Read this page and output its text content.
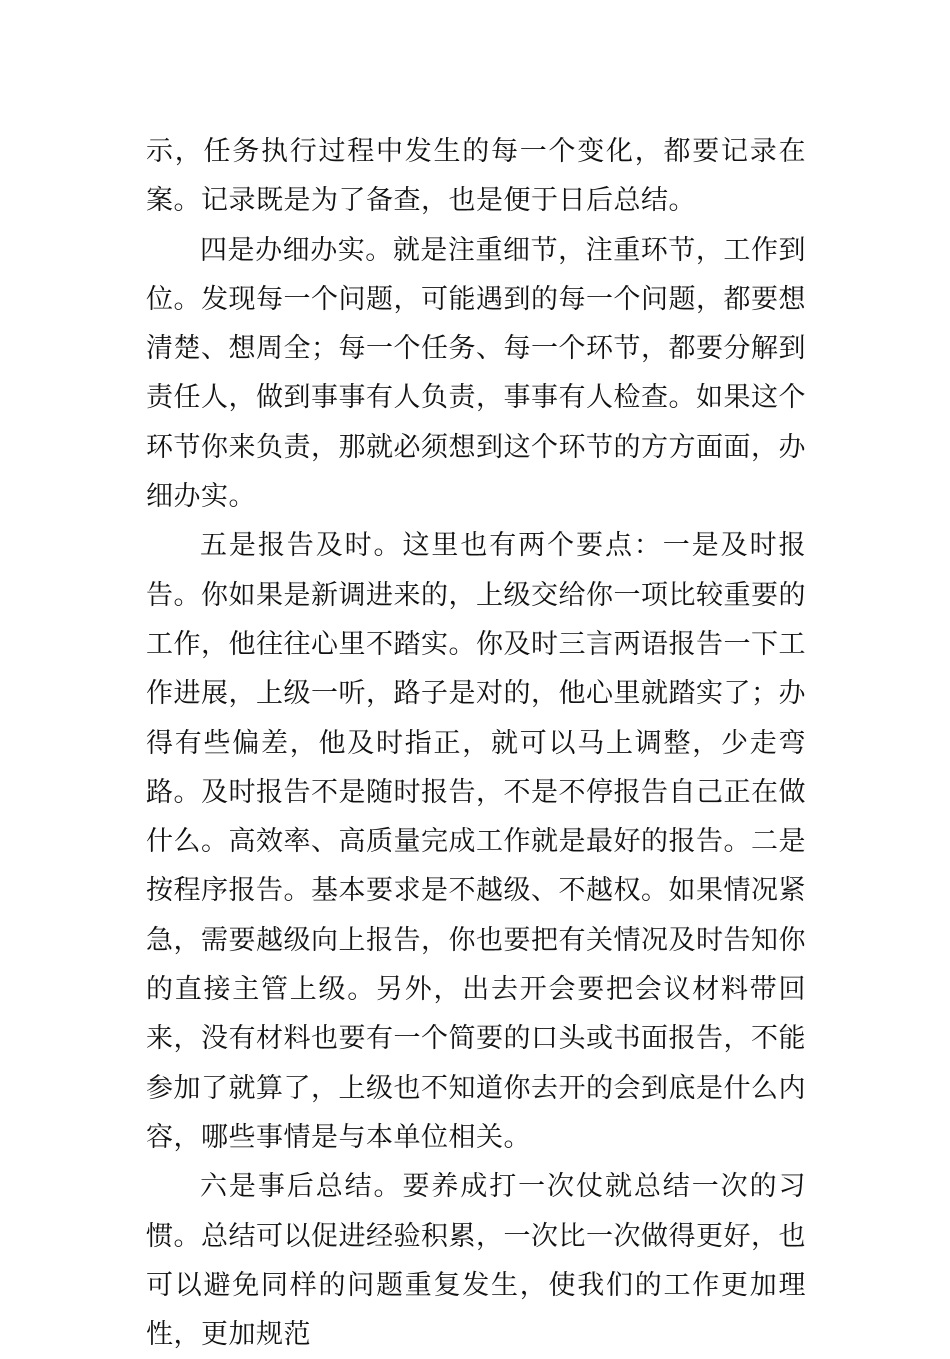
示，任务执行过程中发生的每一个变化，都要记录在案。记录既是为了备查，也是便于日后总结。

四是办细办实。就是注重细节，注重环节，工作到位。发现每一个问题，可能遇到的每一个问题，都要想清楚、想周全；每一个任务、每一个环节，都要分解到责任人，做到事事有人负责，事事有人检查。如果这个环节你来负责，那就必须想到这个环节的方方面面，办细办实。

五是报告及时。这里也有两个要点：一是及时报告。你如果是新调进来的，上级交给你一项比较重要的工作，他往往心里不踏实。你及时三言两语报告一下工作进展，上级一听，路子是对的，他心里就踏实了；办得有些偏差，他及时指正，就可以马上调整，少走弯路。及时报告不是随时报告，不是不停报告自己正在做什么。高效率、高质量完成工作就是最好的报告。二是按程序报告。基本要求是不越级、不越权。如果情况紧急，需要越级向上报告，你也要把有关情况及时告知你的直接主管上级。另外，出去开会要把会议材料带回来，没有材料也要有一个简要的口头或书面报告，不能参加了就算了，上级也不知道你去开的会到底是什么内容，哪些事情是与本单位相关。

六是事后总结。要养成打一次仗就总结一次的习惯。总结可以促进经验积累，一次比一次做得更好，也可以避免同样的问题重复发生，使我们的工作更加理性，更加规范
